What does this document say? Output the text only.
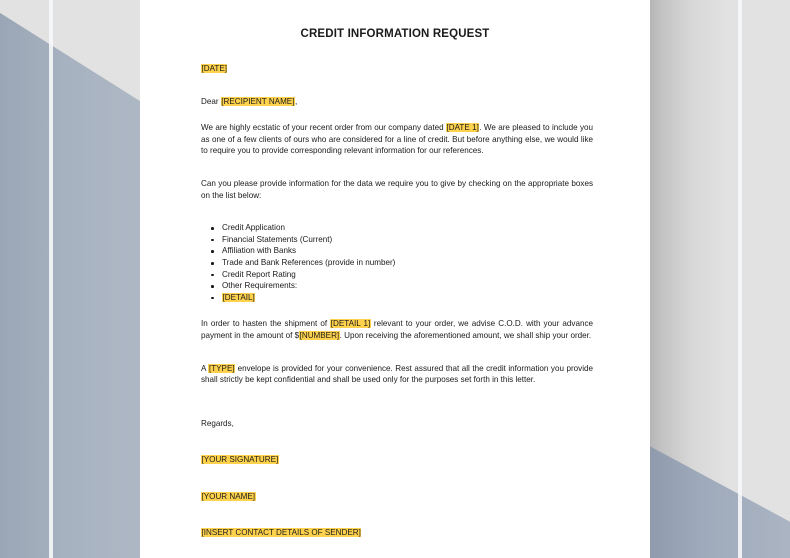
CREDIT INFORMATION REQUEST

[DATE]

Dear [RECIPIENT NAME],

We are highly ecstatic of your recent order from our company dated [DATE 1]. We are pleased to include you as one of a few clients of ours who are considered for a line of credit. But before anything else, we would like to require you to provide corresponding relevant information for our references.

Can you please provide information for the data we require you to give by checking on the appropriate boxes on the list below:

Credit Application
Financial Statements (Current)
Affiliation with Banks
Trade and Bank References (provide in number)
Credit Report Rating
Other Requirements:
[DETAIL]

In order to hasten the shipment of [DETAIL 1] relevant to your order, we advise C.O.D. with your advance payment in the amount of $[NUMBER]. Upon receiving the aforementioned amount, we shall ship your order.

A [TYPE] envelope is provided for your convenience. Rest assured that all the credit information you provide shall strictly be kept confidential and shall be used only for the purposes set forth in this letter.

Regards,

[YOUR SIGNATURE]

[YOUR NAME]

[INSERT CONTACT DETAILS OF SENDER]
